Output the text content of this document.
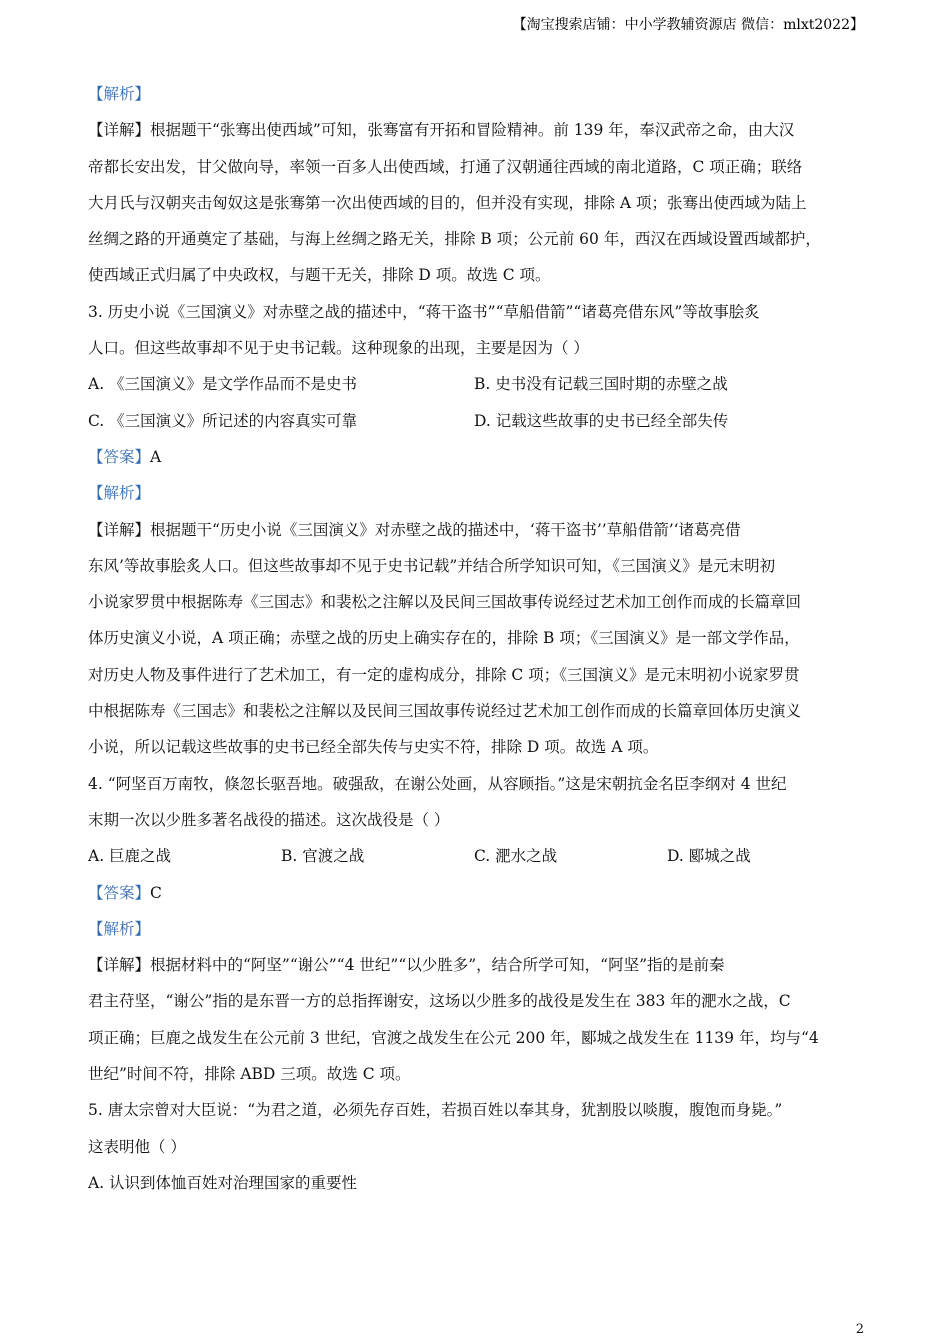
【淘宝搜索店铺：中小学教辅资源店 微信：mlxt2022】
【解析】
【详解】根据题干“张骞出使西域”可知，张骞富有开拓和冒险精神。前 139 年，奉汉武帝之命，由大汉
帝都长安出发，甘父做向导，率领一百多人出使西域，打通了汉朝通往西域的南北道路，C 项正确；联络
大月氏与汉朝夹击匈奴这是张骞第一次出使西域的目的，但并没有实现，排除 A 项；张骞出使西域为陆上
丝绸之路的开通奠定了基础，与海上丝绸之路无关，排除 B 项；公元前 60 年，西汉在西域设置西域都护，
使西域正式归属了中央政权，与题干无关，排除 D 项。故选 C 项。
3. 历史小说《三国演义》对赤壁之战的描述中，“蒋干盗书”“草船借箭”“诸葛亮借东风”等故事脍炙
人口。但这些故事却不见于史书记载。这种现象的出现，主要是因为（ ）
A. 《三国演义》是文学作品而不是史书	B. 史书没有记载三国时期的赤壁之战
C. 《三国演义》所记述的内容真实可靠	D. 记载这些故事的史书已经全部失传
【答案】A
【解析】
【详解】根据题干“历史小说《三国演义》对赤壁之战的描述中，‘蒋干盗书’’草船借箭’‘诸葛亮借
东风’等故事脍炙人口。但这些故事却不见于史书记载”并结合所学知识可知，《三国演义》是元末明初
小说家罗贯中根据陈寿《三国志》和裴松之注解以及民间三国故事传说经过艺术加工创作而成的长篇章回
体历史演义小说，A 项正确；赤壁之战的历史上确实存在的，排除 B 项；《三国演义》是一部文学作品，
对历史人物及事件进行了艺术加工，有一定的虚构成分，排除 C 项；《三国演义》是元末明初小说家罗贯
中根据陈寿《三国志》和裴松之注解以及民间三国故事传说经过艺术加工创作而成的长篇章回体历史演义
小说，所以记载这些故事的史书已经全部失传与史实不符，排除 D 项。故选 A 项。
4. “阿坚百万南牧，倏忽长驱吾地。破强敌，在谢公处画，从容顾指。”这是宋朝抗金名臣李纲对 4 世纪
末期一次以少胜多著名战役的描述。这次战役是（ ）
A. 巨鹿之战	B. 官渡之战	C. 淝水之战	D. 郾城之战
【答案】C
【解析】
【详解】根据材料中的“阿坚”“谢公”“4 世纪”“以少胜多”，结合所学可知，“阿坚”指的是前秦
君主苻坚，“谢公”指的是东晋一方的总指挥谢安，这场以少胜多的战役是发生在 383 年的淝水之战，C
项正确；巨鹿之战发生在公元前 3 世纪，官渡之战发生在公元 200 年，郾城之战发生在 1139 年，均与“4
世纪”时间不符，排除 ABD 三项。故选 C 项。
5. 唐太宗曾对大臣说：“为君之道，必须先存百姓，若损百姓以奉其身，犹割股以啖腹，腹饱而身毙。”
这表明他（ ）
A. 认识到体恤百姓对治理国家的重要性
2
